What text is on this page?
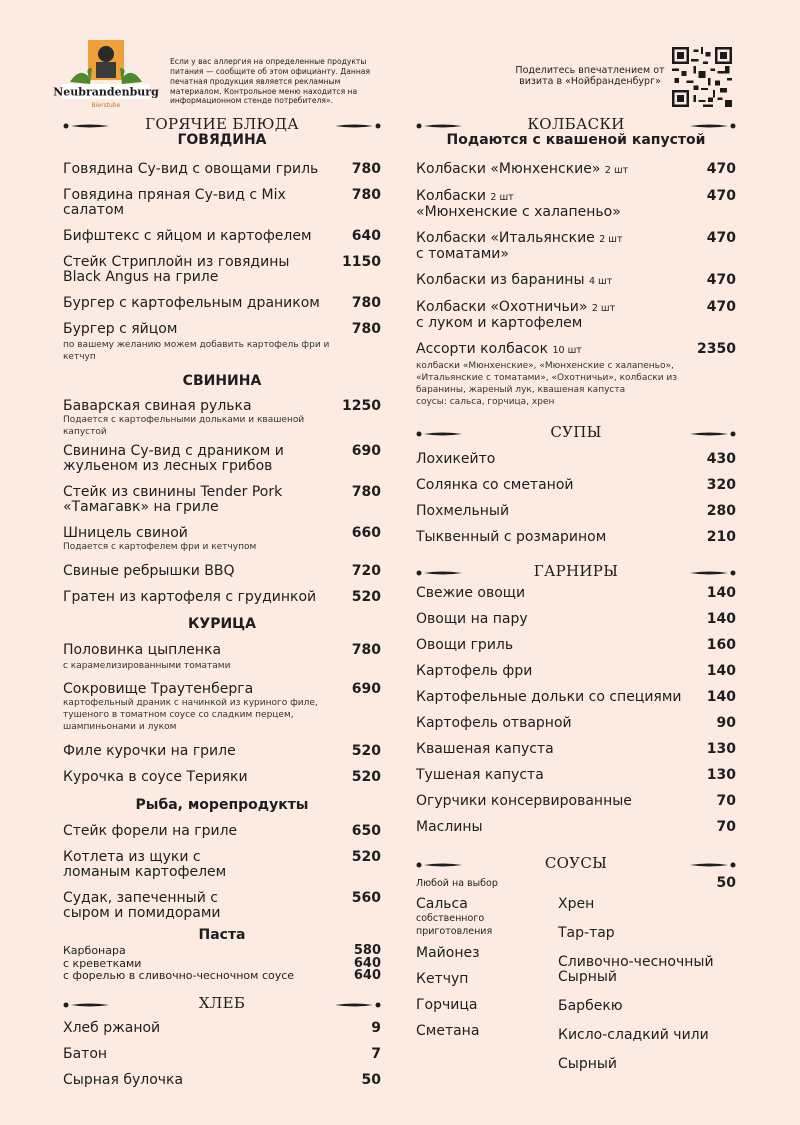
Neubrandenburg
Bierstube
Если у вас аллергия на определенные продукты питания — сообщите об этом официанту. Данная печатная продукция является рекламным материалом. Контрольное меню находится на информационном стенде потребителя».
Поделитесь впечатлением от визита в «Нойбранденбург»
ГОРЯЧИЕ БЛЮДА
ГОВЯДИНА
Говядина Су-вид с овощами гриль	780
Говядина пряная Су-вид с Mix салатом
780
Бифштекс с яйцом и картофелем	640
Стейк Стриплойн из говядины Black Angus на гриле
1150
Бургер с картофельным драником	780
Бургер с яйцом
по вашему желанию можем добавить картофель фри и кетчуп
780
СВИНИНА
Баварская свиная рулька
Подается с картофельными дольками и квашеной капустой
1250
Свинина Су-вид с драником и жульеном из лесных грибов
690
Стейк из свинины Tender Pork «Тамагавк» на гриле
780
Шницель свиной
Подается с картофелем фри и кетчупом
660
Свиные ребрышки BBQ	720
Гратен из картофеля с грудинкой	520
КУРИЦА
Половинка цыпленка
с карамелизированными томатами
780
Сокровище Траутенберга
картофельный драник с начинкой из куриного филе, тушеного в томатном соусе со сладким перцем, шампиньонами и луком
690
Филе курочки на гриле	520
Курочка в соусе Терияки	520
Рыба, морепродукты
Стейк форели на гриле	650
Котлета из щуки с ломаным картофелем
520
Судак, запеченный с сыром и помидорами
560
Паста
Карбонара	580
с креветками	640
с форелью в сливочно-чесночном соусе	640
ХЛЕБ
Хлеб ржаной	9
Батон	7
Сырная булочка	50
КОЛБАСКИ
Подаются с квашеной капустой
Колбаски «Мюнхенские» 2 шт	470
Колбаски 2 шт
«Мюнхенские с халапеньо»
470
Колбаски «Итальянские 2 шт
с томатами»
470
Колбаски из баранины 4 шт	470
Колбаски «Охотничьи» 2 шт
с луком и картофелем
470
Ассорти колбасок 10 шт
колбаски «Мюнхенские», «Мюнхенские с халапеньо», «Итальянские с томатами», «Охотничьи», колбаски из баранины, жареный лук, квашеная капуста
соусы: сальса, горчица, хрен
2350
СУПЫ
Лохикейто	430
Солянка со сметаной	320
Похмельный	280
Тыквенный с розмарином	210
ГАРНИРЫ
Свежие овощи	140
Овощи на пару	140
Овощи гриль	160
Картофель фри	140
Картофельные дольки со специями	140
Картофель отварной	90
Квашеная капуста	130
Тушеная капуста	130
Огурчики консервированные	70
Маслины	70
СОУСЫ
Любой на выбор	50
Сальса
собственного приготовления
Майонез
Кетчуп
Горчица
Сметана
Хрен
Тар-тар
Сливочно-чесночный Сырный
Барбекю
Кисло-сладкий чили
Сырный
